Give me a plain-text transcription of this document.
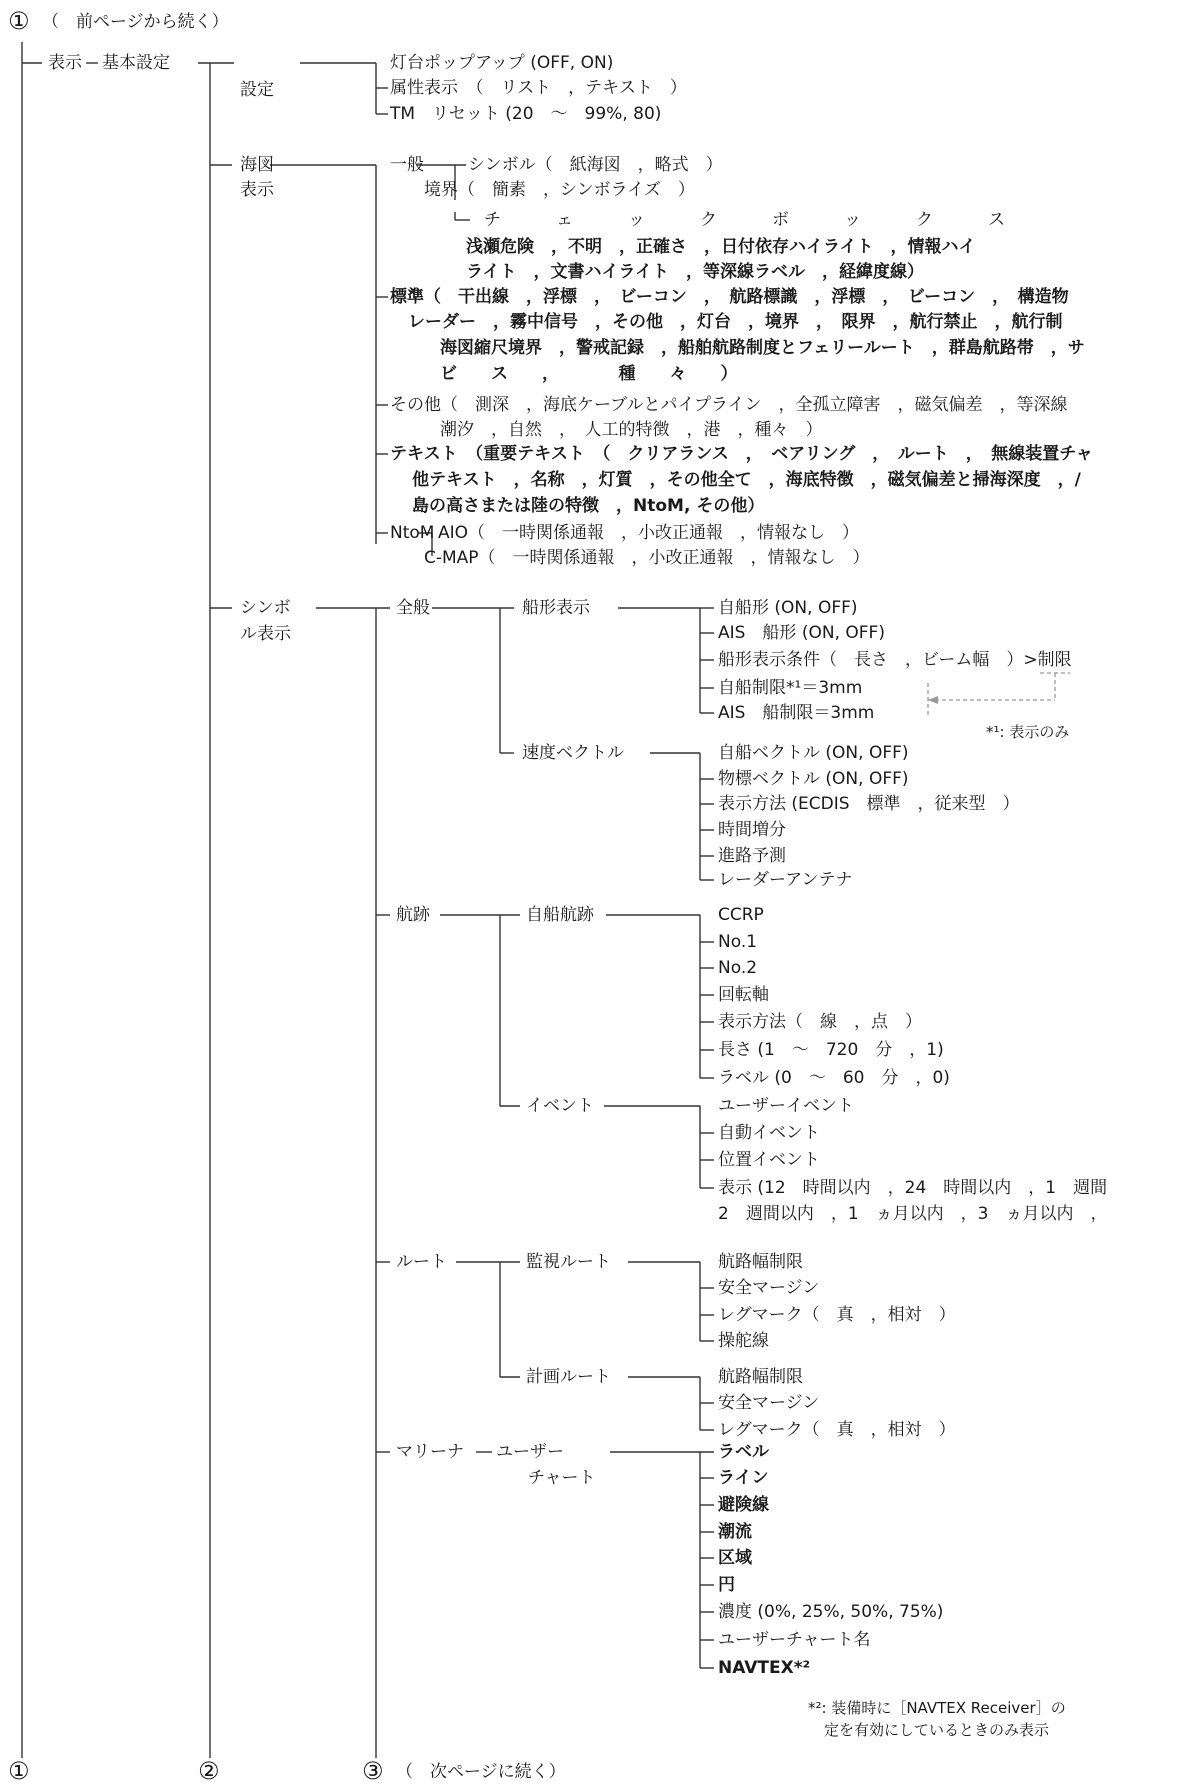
① （　前ページから続く）
①	②	③ （　次ページに続く）
表示 基本設定
設定
灯台ポップアップ (OFF, ON)
属性表示　（　リスト　，テキスト　）
TM　リセット (20　～　99%, 80)
海図
表示
一般	シンボル（　紙海図　，略式　）
境界（　簡素　，シンボライズ　）
チ　　　ェ　　　ッ　　　ク　　　ボ　　　ッ　　　ク　　　ス
浅瀬危険　，不明　，正確さ　，日付依存ハイライト　，情報ハイ
ライト　，文書ハイライト　，等深線ラベル　，経緯度線）
標準（　干出線　，浮標　，　ビーコン　，　航路標識　，浮標　，　ビーコン　，　構造物
レーダー　，霧中信号　，その他　，灯台　，境界　，　限界　，航行禁止　，航行制
海図縮尺境界　，警戒記録　，船舶航路制度とフェリールート　，群島航路帯　，サ
ビ　　ス　　，　　　　種　　々　　）
その他（　測深　，海底ケーブルとパイプライン　，全孤立障害　，磁気偏差　，等深線
潮汐　，自然　，　人工的特徴　，港　，種々　）
テキスト　（重要テキスト　（　クリアランス　，　ベアリング　，　ルート　，　無線装置チャ
他テキスト　，名称　，灯質　，その他全て　，海底特徴　，磁気偏差と掃海深度　，/
島の高さまたは陸の特徴　，NtoM, その他）
NtoM AIO（　一時関係通報　，小改正通報　，情報なし　）
C-MAP（　一時関係通報　，小改正通報　，情報なし　）
シンボ
ル表示
全般	船形表示	自船形 (ON, OFF)
AIS　船形 (ON, OFF)
船形表示条件（　長さ　，ビーム幅　）>制限
自船制限*¹＝3mm
AIS　船制限＝3mm
*¹: 表示のみ
速度ベクトル	自船ベクトル (ON, OFF)
物標ベクトル (ON, OFF)
表示方法 (ECDIS　標準　，従来型　）
時間増分
進路予測
レーダーアンテナ
航跡	自船航跡	CCRP
No.1
No.2
回転軸
表示方法（　線　，点　）
長さ (1　～　720　分　，1)
ラベル (0　～　60　分　，0)
イベント	ユーザーイベント
自動イベント
位置イベント
表示 (12　時間以内　，24　時間以内　，1　週間
2　週間以内　，1　ヵ月以内　，3　ヵ月以内　，
ルート	監視ルート	航路幅制限
安全マージン
レグマーク（　真　，相対　）
操舵線
計画ルート	航路幅制限
安全マージン
レグマーク（　真　，相対　）
マリーナ ユーザー
チャート
ラベル
ライン
避険線
潮流
区域
円
濃度 (0%, 25%, 50%, 75%)
ユーザーチャート名
NAVTEX*²
*²: 装備時に［NAVTEX Receiver］の
定を有効にしているときのみ表示
